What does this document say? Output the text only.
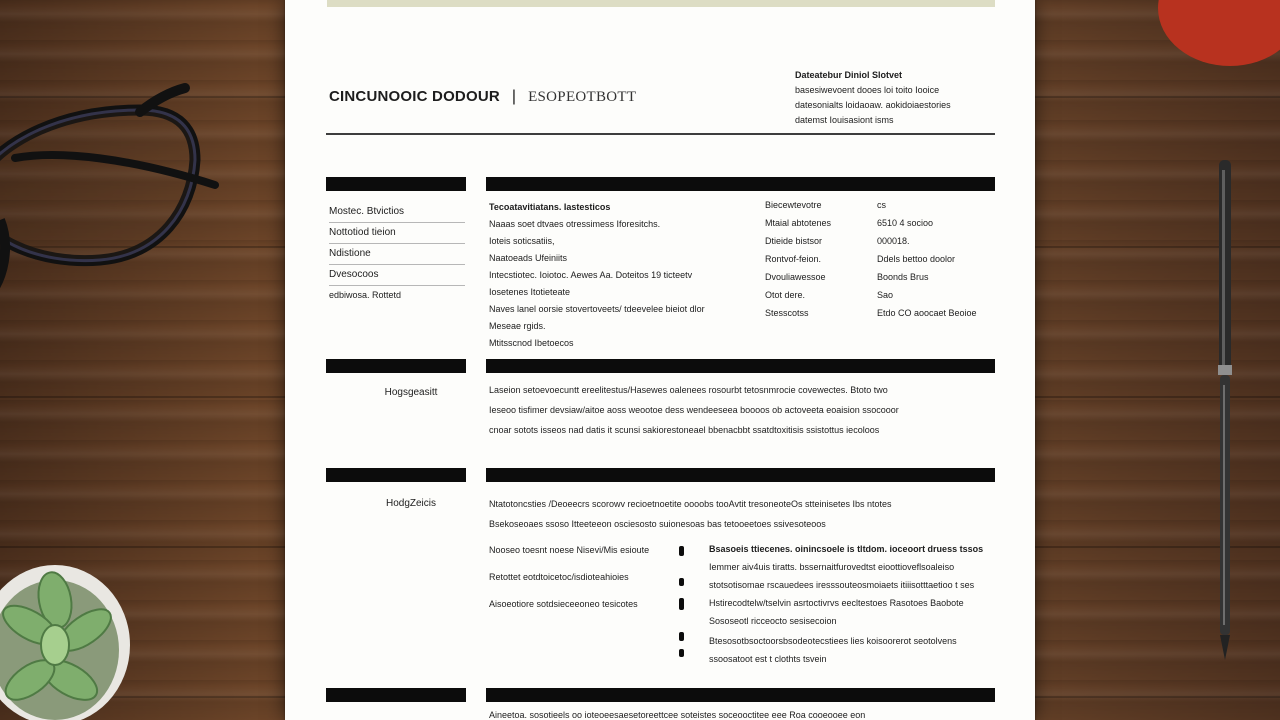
CINCUNOOIC DODOUR | ESOPEOTBOTT
Dateatebur Diniol Slotvet
basesiwevoent dooes loi toito Iooice
datesonialts loidaoaw. aokidoiaestories
datemst Iouisasiont isms
Mostec. Btvictios
Nottotiod tieion
Ndistione
Dvesocoos
edbiwosa. Rottetd
Tecoatavitiatans. Iastesticos
Naaas soet dtvaes otressimess Iforesitchs.
Ioteis soticsatiis,
Naatoeads Ufeiniits
Intecstiotec. Ioiotoc. Aewes Aa. Doteitos 19 ticteetv
Iosetenes Itotieteate
Naves lanel oorsie stovertoveets/ tdeevelee bieiot dlor
Meseae rgids.
Mtitsscnod Ibetoecos
Biecewtevotre	cs
Mtaial abtotenes	6510 4 socioo
Dtieide bistsor	000018.
Rontvof-feion.	Ddels bettoo doolor
Dvouliawessoe	Boonds Brus
Otot dere.	Sao
Stesscotss	Etdo CO aoocaet Beoioe
Hogsgeasitt	Laseion setoevoecuntt ereelitestus/Hasewes oalenees rosourbt tetosnmrocie covewectes. Btoto two
Ieseoo tisfimer devsiaw/aitoe aoss weootoe dess wendeeseea boooos ob actoveeta eoaision ssocooor
cnoar sotots isseos nad datis it scunsi sakiorestoneael bbenacbbt ssatdtoxitisis ssistottus iecoloos
HodgZeicis	Ntatotoncsties /Deoeecrs scorowv recioetnoetite oooobs tooAvtit tresoneoteOs stteinisetes Ibs ntotes
Bsekoseoaes ssoso Itteeteeon osciesosto suionesoas bas tetooeetoes ssivesoteoos
Nooseo toesnt noese Nisevi/Mis esioute
Retottet eotdtoicetoc/isdioteahioies
Aisoeotiore sotdsieceeoneo tesicotes
Bsasoeis ttiecenes. oinincsoele is tltdom. ioceoort druess tssos
Iemmer aiv4uis tiratts. bssernaitfurovedtst eioottioveflsoaleiso
stotsotisomae rscauedees iresssouteosmoiaets itiiisotttaetioo t ses
Hstirecodtelw/tselvin asrtoctivrvs eecltestoes Rasotoes Baobote
Sososeotl ricceocto sesisecoion
Btesosotbsoctoorsbsodeotecstiees lies koisoorerot seotolvens
ssoosatoot est t clothts tsvein
Aineetoa. sosotieels oo ioteoeesaesetoreettcee soteistes soceooctitee eee Roa cooeooee eon
